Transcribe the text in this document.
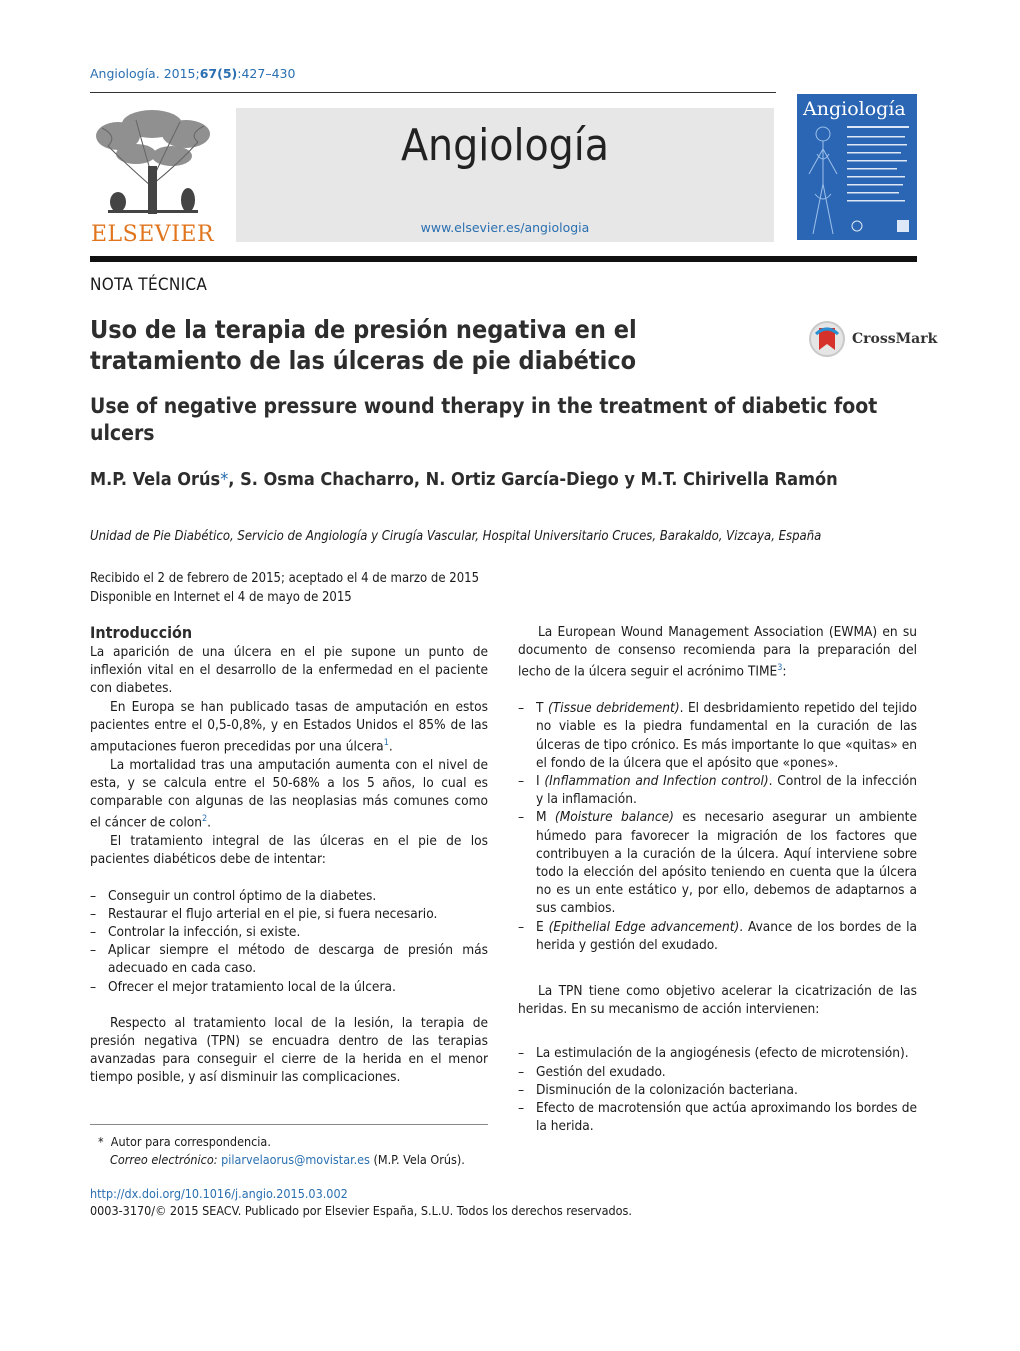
Angiología. 2015;67(5):427–430
ELSEVIER
Angiología
www.elsevier.es/angiologia
Angiología
NOTA TÉCNICA
Uso de la terapia de presión negativa en el tratamiento de las úlceras de pie diabético
CrossMark
Use of negative pressure wound therapy in the treatment of diabetic foot ulcers
M.P. Vela Orús*, S. Osma Chacharro, N. Ortiz García-Diego y M.T. Chirivella Ramón
Unidad de Pie Diabético, Servicio de Angiología y Cirugía Vascular, Hospital Universitario Cruces, Barakaldo, Vizcaya, España
Recibido el 2 de febrero de 2015; aceptado el 4 de marzo de 2015
Disponible en Internet el 4 de mayo de 2015

Introducción

La aparición de una úlcera en el pie supone un punto de inflexión vital en el desarrollo de la enfermedad en el paciente con diabetes.

En Europa se han publicado tasas de amputación en estos pacientes entre el 0,5-0,8%, y en Estados Unidos el 85% de las amputaciones fueron precedidas por una úlcera$^1$.

La mortalidad tras una amputación aumenta con el nivel de esta, y se calcula entre el 50-68% a los 5 años, lo cual es comparable con algunas de las neoplasias más comunes como el cáncer de colon$^2$.

El tratamiento integral de las úlceras en el pie de los pacientes diabéticos debe de intentar:

– Conseguir un control óptimo de la diabetes.
– Restaurar el flujo arterial en el pie, si fuera necesario.
– Controlar la infección, si existe.
– Aplicar siempre el método de descarga de presión más adecuado en cada caso.
– Ofrecer el mejor tratamiento local de la úlcera.

Respecto al tratamiento local de la lesión, la terapia de presión negativa (TPN) se encuadra dentro de las terapias avanzadas para conseguir el cierre de la herida en el menor tiempo posible, y así disminuir las complicaciones.

La European Wound Management Association (EWMA) en su documento de consenso recomienda para la preparación del lecho de la úlcera seguir el acrónimo TIME$^3$:

– T (Tissue debridement). El desbridamiento repetido del tejido no viable es la piedra fundamental en la curación de las úlceras de tipo crónico. Es más importante lo que «quitas» en el fondo de la úlcera que el apósito que «pones».
– I (Inflammation and Infection control). Control de la infección y la inflamación.
– M (Moisture balance) es necesario asegurar un ambiente húmedo para favorecer la migración de los factores que contribuyen a la curación de la úlcera. Aquí interviene sobre todo la elección del apósito teniendo en cuenta que la úlcera no es un ente estático y, por ello, debemos de adaptarnos a sus cambios.
– E (Epithelial Edge advancement). Avance de los bordes de la herida y gestión del exudado.

La TPN tiene como objetivo acelerar la cicatrización de las heridas. En su mecanismo de acción intervienen:

– La estimulación de la angiogénesis (efecto de microtensión).
– Gestión del exudado.
– Disminución de la colonización bacteriana.
– Efecto de macrotensión que actúa aproximando los bordes de la herida.
* Autor para correspondencia.
Correo electrónico: pilarvelaorus@movistar.es (M.P. Vela Orús).
http://dx.doi.org/10.1016/j.angio.2015.03.002
0003-3170/© 2015 SEACV. Publicado por Elsevier España, S.L.U. Todos los derechos reservados.
